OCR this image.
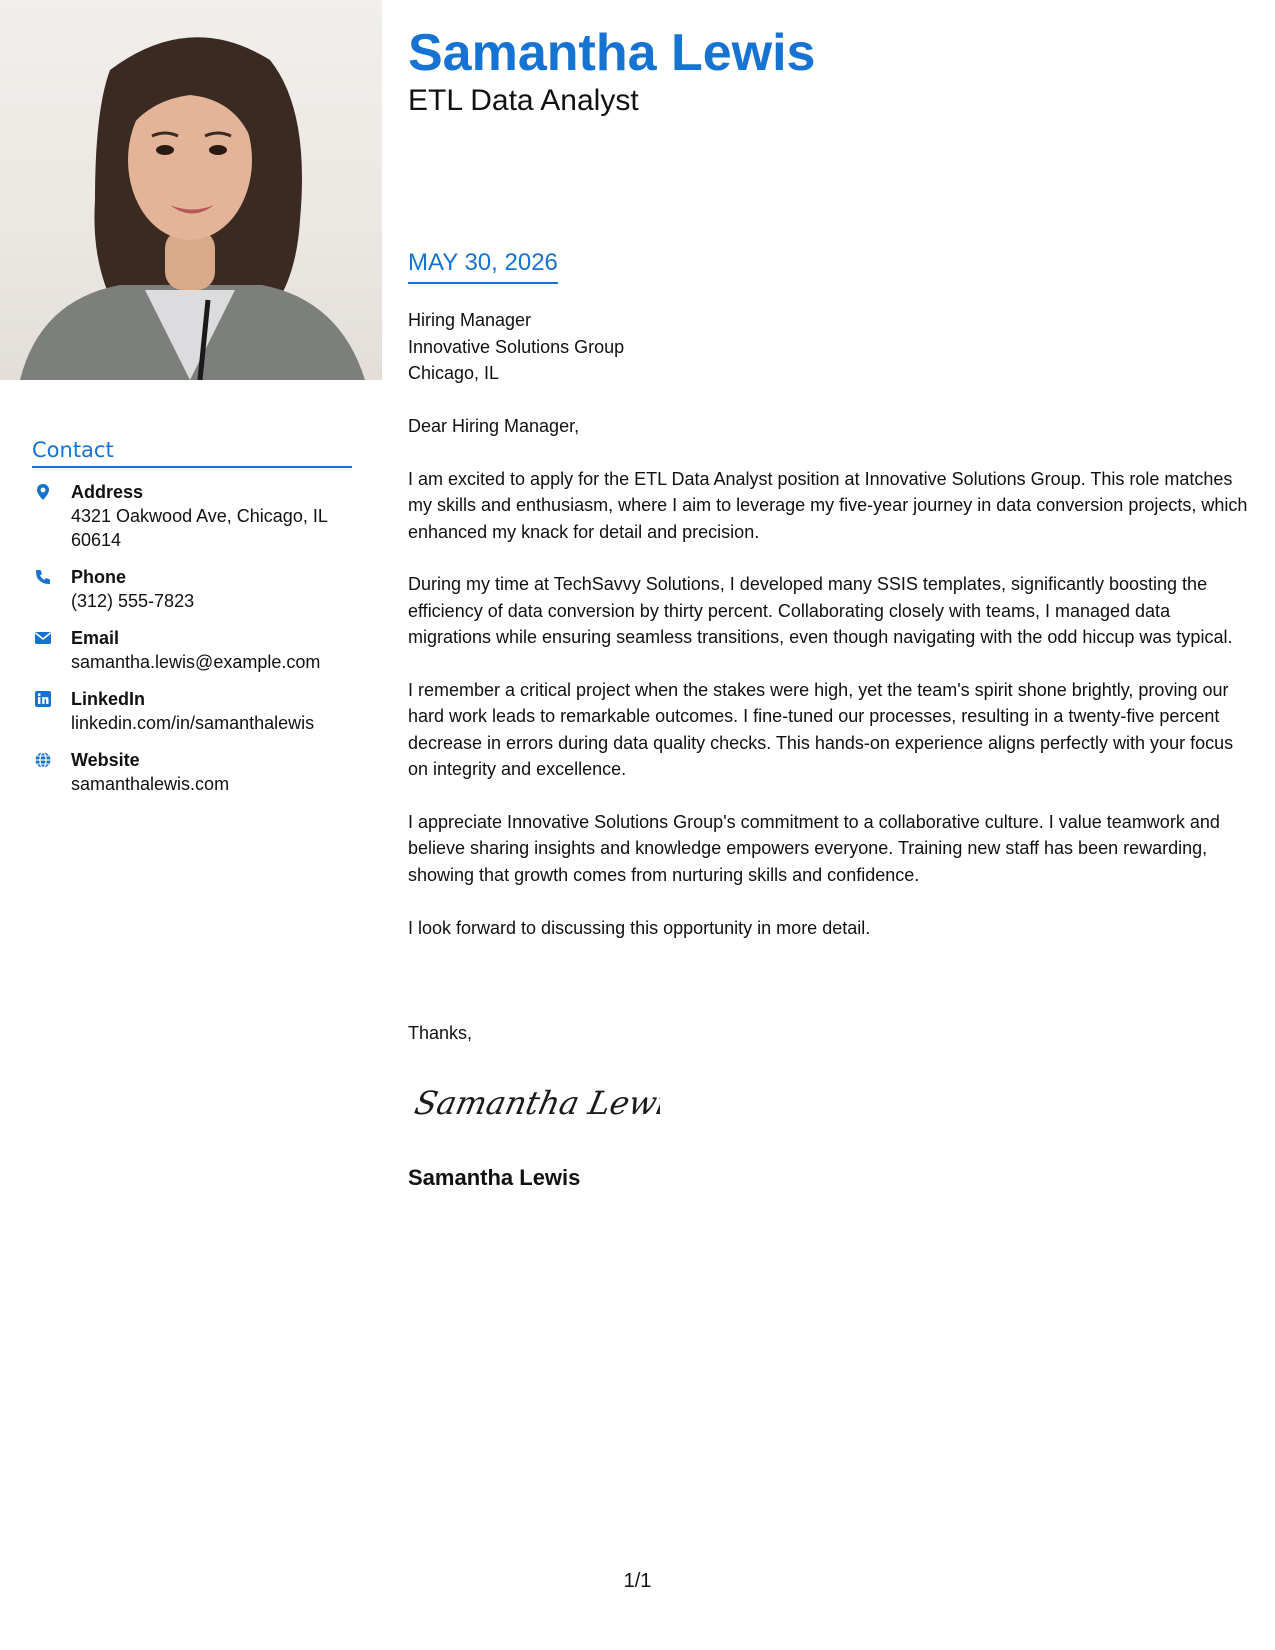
Contact
Address
4321 Oakwood Ave, Chicago, IL 60614
Phone
(312) 555-7823
Email
samantha.lewis@example.com
LinkedIn
linkedin.com/in/samanthalewis
Website
samanthalewis.com
Samantha Lewis
ETL Data Analyst
MAY 30, 2026
Hiring Manager
Innovative Solutions Group
Chicago, IL

Dear Hiring Manager,

I am excited to apply for the ETL Data Analyst position at Innovative Solutions Group. This role matches my skills and enthusiasm, where I aim to leverage my five-year journey in data conversion projects, which enhanced my knack for detail and precision.

During my time at TechSavvy Solutions, I developed many SSIS templates, significantly boosting the efficiency of data conversion by thirty percent. Collaborating closely with teams, I managed data migrations while ensuring seamless transitions, even though navigating with the odd hiccup was typical.

I remember a critical project when the stakes were high, yet the team's spirit shone brightly, proving our hard work leads to remarkable outcomes. I fine-tuned our processes, resulting in a twenty-five percent decrease in errors during data quality checks. This hands-on experience aligns perfectly with your focus on integrity and excellence.

I appreciate Innovative Solutions Group's commitment to a collaborative culture. I value teamwork and believe sharing insights and knowledge empowers everyone. Training new staff has been rewarding, showing that growth comes from nurturing skills and confidence.

I look forward to discussing this opportunity in more detail.

Thanks,
Samantha Lewis
Samantha Lewis
1/1
